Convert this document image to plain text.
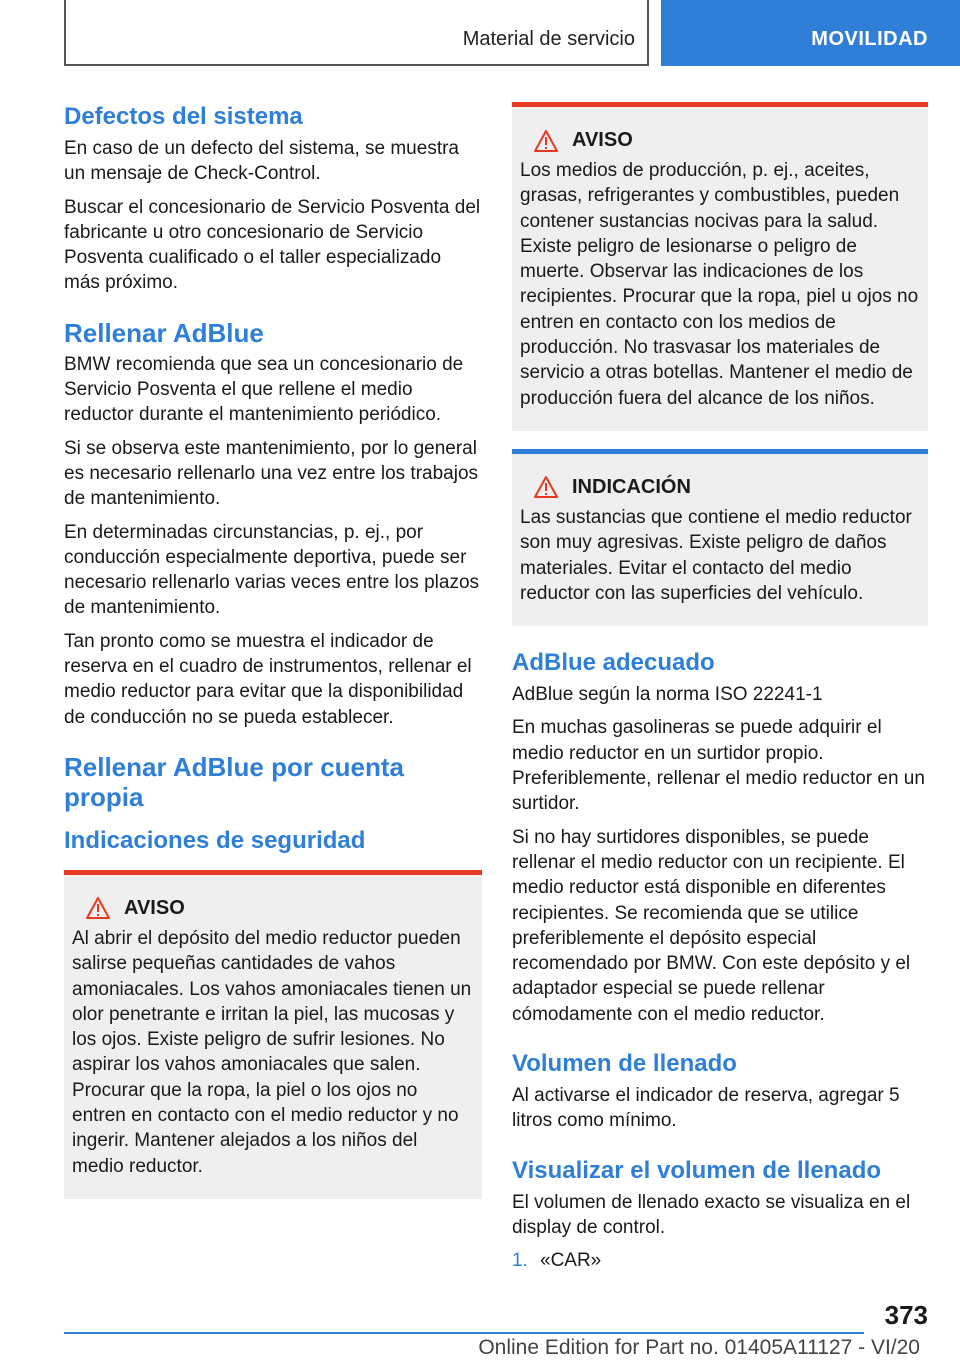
Material de servicio	MOVILIDAD
Defectos del sistema

En caso de un defecto del sistema, se muestra un mensaje de Check-Control.

Buscar el concesionario de Servicio Posventa del fabricante u otro concesionario de Servicio Posventa cualificado o el taller especializado más próximo.

Rellenar AdBlue

BMW recomienda que sea un concesionario de Servicio Posventa el que rellene el medio reductor durante el mantenimiento periódico.

Si se observa este mantenimiento, por lo general es necesario rellenarlo una vez entre los trabajos de mantenimiento.

En determinadas circunstancias, p. ej., por conducción especialmente deportiva, puede ser necesario rellenarlo varias veces entre los plazos de mantenimiento.

Tan pronto como se muestra el indicador de reserva en el cuadro de instrumentos, rellenar el medio reductor para evitar que la disponibilidad de conducción no se pueda establecer.

Rellenar AdBlue por cuenta propia
Indicaciones de seguridad
AVISO
Al abrir el depósito del medio reductor pueden salirse pequeñas cantidades de vahos amoniacales. Los vahos amoniacales tienen un olor penetrante e irritan la piel, las mucosas y los ojos. Existe peligro de sufrir lesiones. No aspirar los vahos amoniacales que salen. Procurar que la ropa, la piel o los ojos no entren en contacto con el medio reductor y no ingerir. Mantener alejados a los niños del medio reductor.
AVISO
Los medios de producción, p. ej., aceites, grasas, refrigerantes y combustibles, pueden contener sustancias nocivas para la salud. Existe peligro de lesionarse o peligro de muerte. Observar las indicaciones de los recipientes. Procurar que la ropa, piel u ojos no entren en contacto con los medios de producción. No trasvasar los materiales de servicio a otras botellas. Mantener el medio de producción fuera del alcance de los niños.
INDICACIÓN
Las sustancias que contiene el medio reductor son muy agresivas. Existe peligro de daños materiales. Evitar el contacto del medio reductor con las superficies del vehículo.
AdBlue adecuado

AdBlue según la norma ISO 22241-1

En muchas gasolineras se puede adquirir el medio reductor en un surtidor propio. Preferiblemente, rellenar el medio reductor en un surtidor.

Si no hay surtidores disponibles, se puede rellenar el medio reductor con un recipiente. El medio reductor está disponible en diferentes recipientes. Se recomienda que se utilice preferiblemente el depósito especial recomendado por BMW. Con este depósito y el adaptador especial se puede rellenar cómodamente con el medio reductor.

Volumen de llenado

Al activarse el indicador de reserva, agregar 5 litros como mínimo.

Visualizar el volumen de llenado

El volumen de llenado exacto se visualiza en el display de control.

1. «CAR»
373
Online Edition for Part no. 01405A11127 - VI/20
